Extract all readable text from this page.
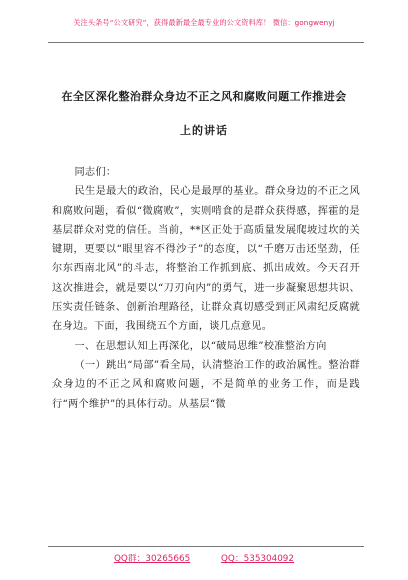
关注头条号“公文研究”，获得最新最全最专业的公文资料库！ 微信：gongwenyj
在全区深化整治群众身边不正之风和腐败问题工作推进会
上的讲话

同志们：

民生是最大的政治，民心是最厚的基业。群众身边的不正之风和腐败问题，看似“微腐败”，实则啃食的是群众获得感，挥霍的是基层群众对党的信任。当前，**区正处于高质量发展爬坡过坎的关键期，更要以“眼里容不得沙子”的态度，以“千磨万击还坚劲，任尔东西南北风”的斗志，将整治工作抓到底、抓出成效。今天召开这次推进会，就是要以“刀刃向内”的勇气，进一步凝聚思想共识、压实责任链条、创新治理路径，让群众真切感受到正风肃纪反腐就在身边。下面，我围绕五个方面，谈几点意见。

一、在思想认知上再深化，以“破局思维”校准整治方向

（一）跳出“局部”看全局，认清整治工作的政治属性。整治群众身边的不正之风和腐败问题，不是简单的业务工作，而是践行“两个维护”的具体行动。从基层“微

QQ群：30265665	QQ：535304092
